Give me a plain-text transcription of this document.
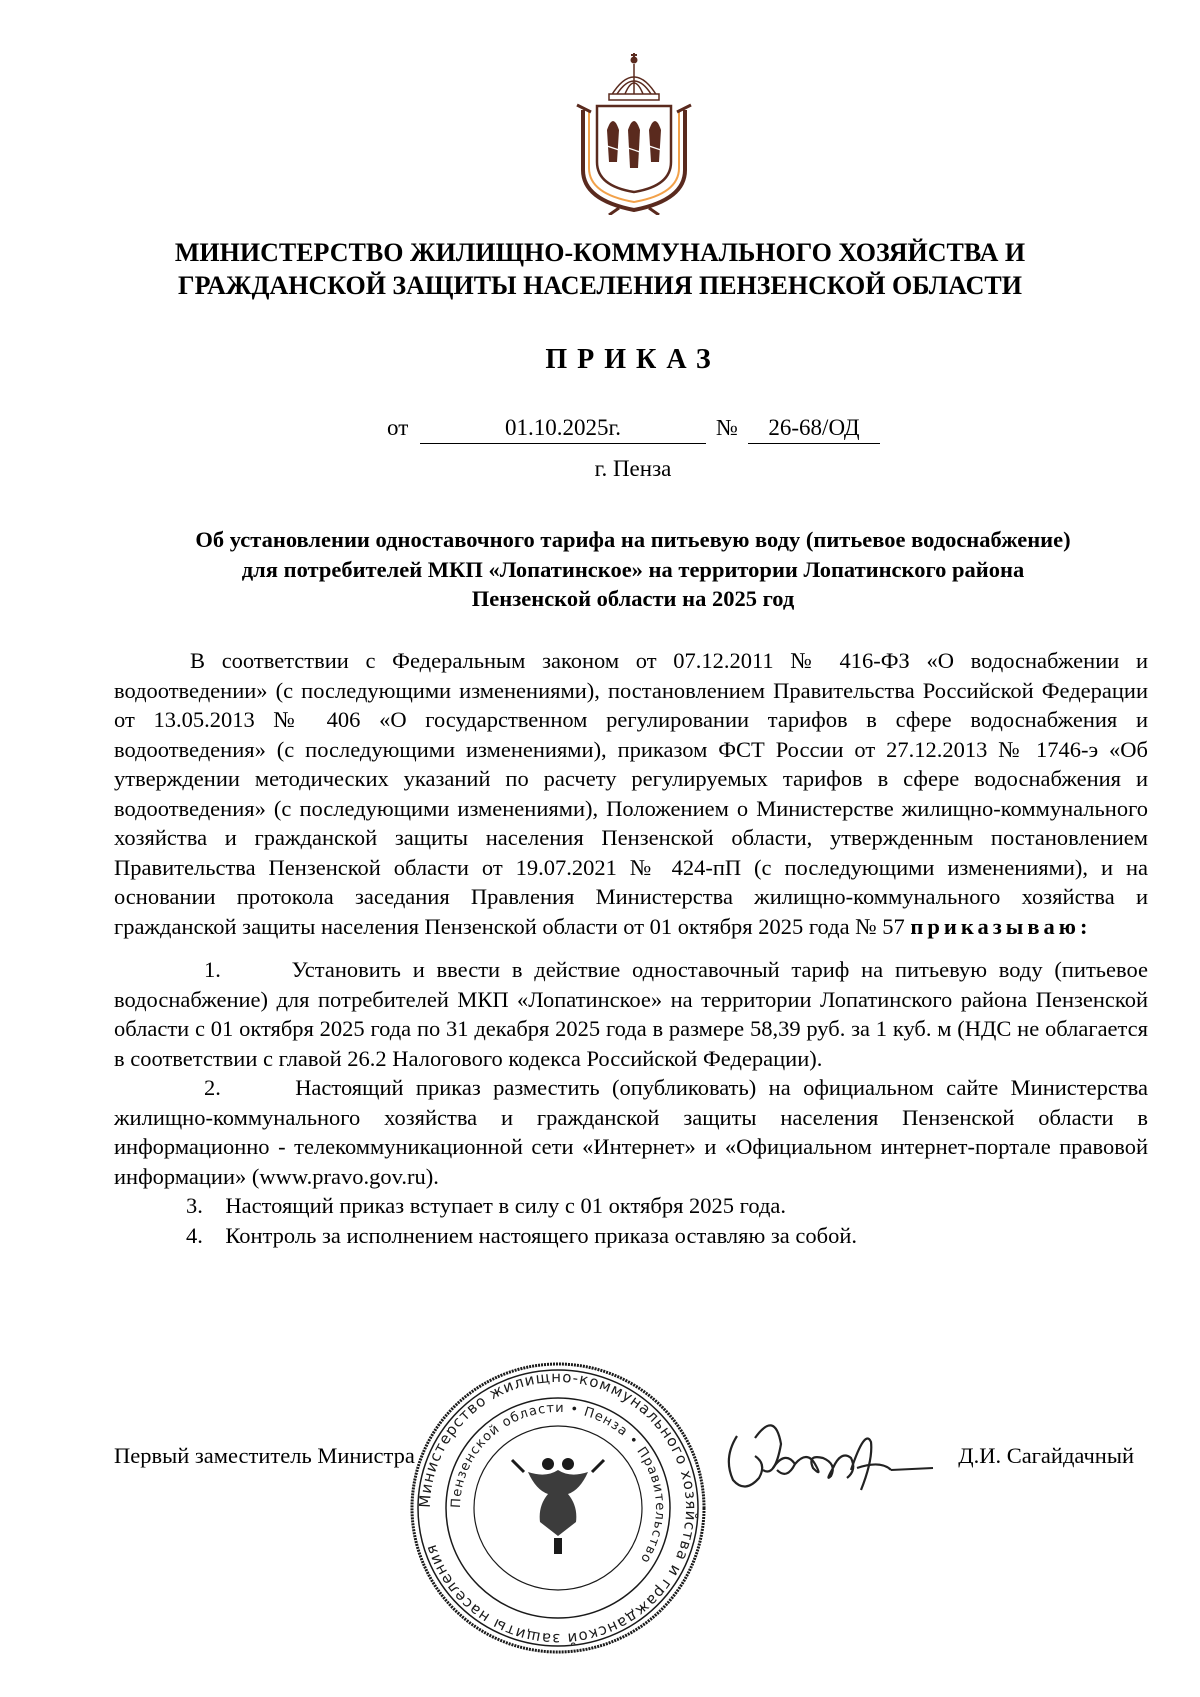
МИНИСТЕРСТВО ЖИЛИЩНО-КОММУНАЛЬНОГО ХОЗЯЙСТВА И
ГРАЖДАНСКОЙ ЗАЩИТЫ НАСЕЛЕНИЯ ПЕНЗЕНСКОЙ ОБЛАСТИ
ПРИКАЗ
от	01.10.2025г.	№	26-68/ОД
г. Пенза
Об установлении одноставочного тарифа на питьевую воду (питьевое водоснабжение)
для потребителей МКП «Лопатинское» на территории Лопатинского района
Пензенской области на 2025 год

В соответствии с Федеральным законом от 07.12.2011 № 416-ФЗ «О водоснабжении и водоотведении» (с последующими изменениями), постановлением Правительства Российской Федерации от 13.05.2013 № 406 «О государственном регулировании тарифов в сфере водоснабжения и водоотведения» (с последующими изменениями), приказом ФСТ России от 27.12.2013 № 1746-э «Об утверждении методических указаний по расчету регулируемых тарифов в сфере водоснабжения и водоотведения» (с последующими изменениями), Положением о Министерстве жилищно-коммунального хозяйства и гражданской защиты населения Пензенской области, утвержденным постановлением Правительства Пензенской области от 19.07.2021 № 424-пП (с последующими изменениями), и на основании протокола заседания Правления Министерства жилищно-коммунального хозяйства и гражданской защиты населения Пензенской области от 01 октября 2025 года № 57 приказываю:

1.	Установить и ввести в действие одноставочный тариф на питьевую воду (питьевое водоснабжение) для потребителей МКП «Лопатинское» на территории Лопатинского района Пензенской области с 01 октября 2025 года по 31 декабря 2025 года в размере 58,39 руб. за 1 куб. м (НДС не облагается в соответствии с главой 26.2 Налогового кодекса Российской Федерации).

2.	Настоящий приказ разместить (опубликовать) на официальном сайте Министерства жилищно-коммунального хозяйства и гражданской защиты населения Пензенской области в информационно - телекоммуникационной сети «Интернет» и «Официальном интернет-портале правовой информации» (www.pravo.gov.ru).

3. Настоящий приказ вступает в силу с 01 октября 2025 года.

4. Контроль за исполнением настоящего приказа оставляю за собой.

Министерство жилищно-коммунального хозяйства и гражданской защиты населения
Пензенской области • Пенза • Правительство
Первый заместитель Министра	Д.И. Сагайдачный
